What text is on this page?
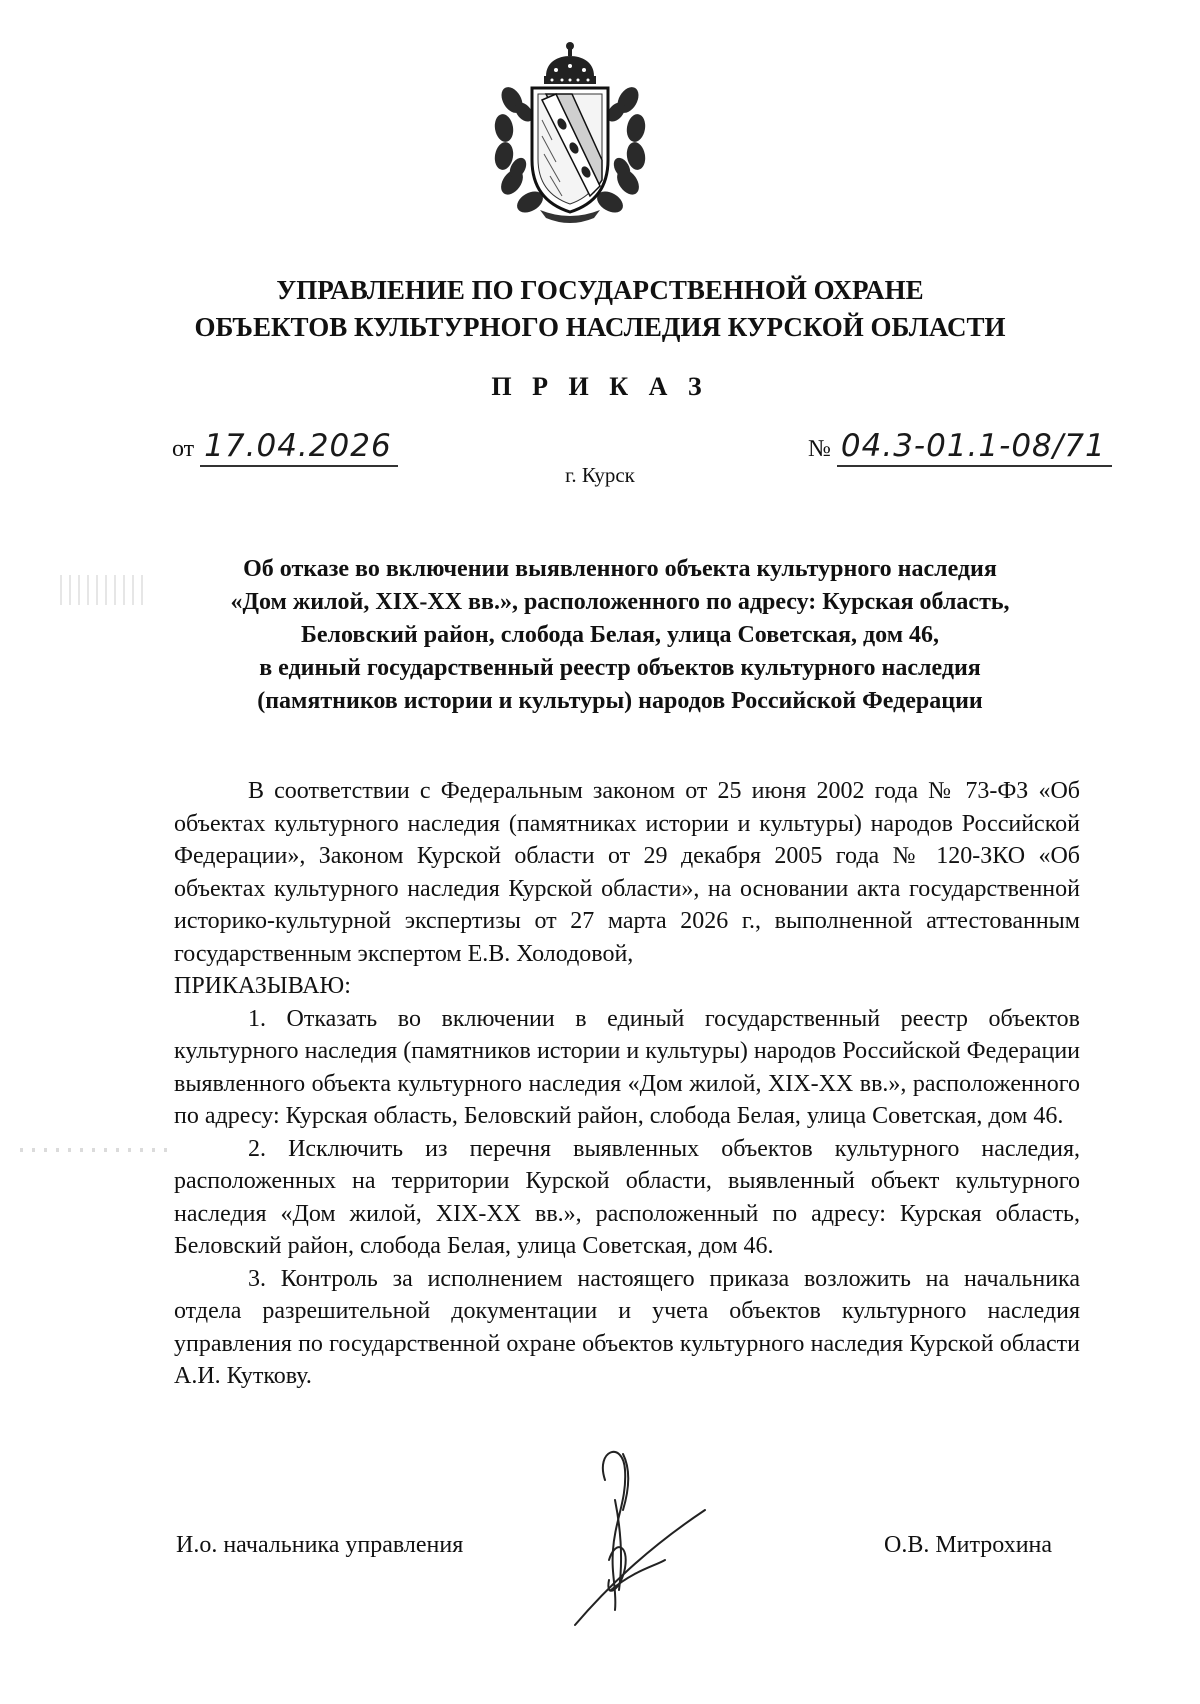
УПРАВЛЕНИЕ ПО ГОСУДАРСТВЕННОЙ ОХРАНЕ
ОБЪЕКТОВ КУЛЬТУРНОГО НАСЛЕДИЯ КУРСКОЙ ОБЛАСТИ
П Р И К А З
от 17.04.2026	№ 04.3-01.1-08/71
г. Курск
Об отказе во включении выявленного объекта культурного наследия
«Дом жилой, XIX-XX вв.», расположенного по адресу: Курская область,
Беловский район, слобода Белая, улица Советская, дом 46,
в единый государственный реестр объектов культурного наследия
(памятников истории и культуры) народов Российской Федерации

В соответствии с Федеральным законом от 25 июня 2002 года № 73-ФЗ «Об объектах культурного наследия (памятниках истории и культуры) народов Российской Федерации», Законом Курской области от 29 декабря 2005 года № 120-ЗКО «Об объектах культурного наследия Курской области», на основании акта государственной историко-культурной экспертизы от 27 марта 2026 г., выполненной аттестованным государственным экспертом Е.В. Холодовой,

ПРИКАЗЫВАЮ:

1. Отказать во включении в единый государственный реестр объектов культурного наследия (памятников истории и культуры) народов Российской Федерации выявленного объекта культурного наследия «Дом жилой, XIX-XX вв.», расположенного по адресу: Курская область, Беловский район, слобода Белая, улица Советская, дом 46.

2. Исключить из перечня выявленных объектов культурного наследия, расположенных на территории Курской области, выявленный объект культурного наследия «Дом жилой, XIX-XX вв.», расположенный по адресу: Курская область, Беловский район, слобода Белая, улица Советская, дом 46.

3. Контроль за исполнением настоящего приказа возложить на начальника отдела разрешительной документации и учета объектов культурного наследия управления по государственной охране объектов культурного наследия Курской области А.И. Куткову.

И.о. начальника управления	О.В. Митрохина
